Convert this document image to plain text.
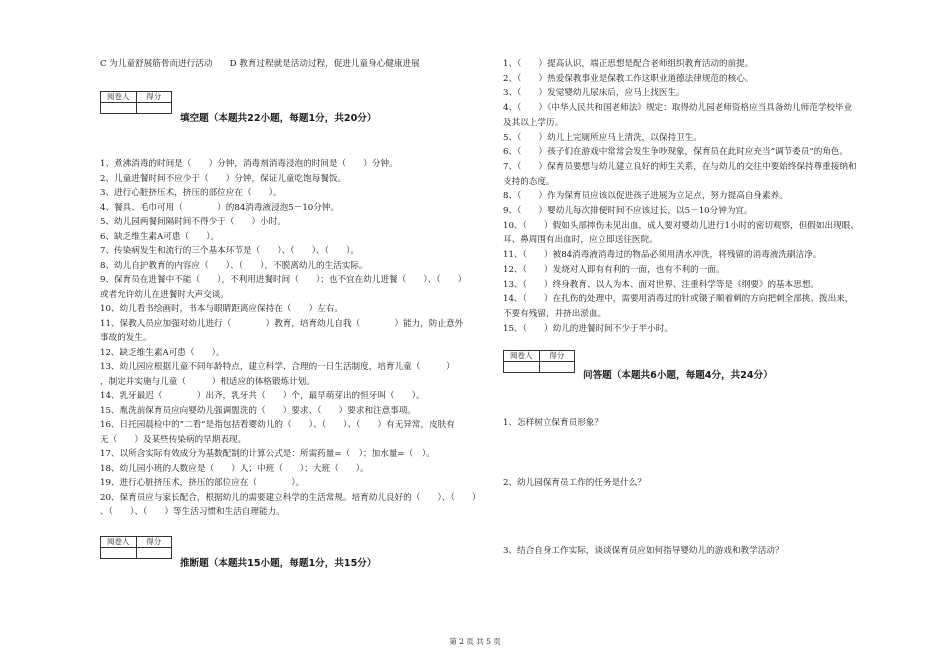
C 为儿童舒展筋骨而进行活动　　D 教育过程就是活动过程，促进儿童身心健康进展
阅卷人	得分

填空题（本题共22小题，每题1分，共20分）
1、煮沸消毒的时间是（　　）分钟，消毒剂消毒浸泡的时间是（　　）分钟。
2、儿童进餐时间不应少于（　　）分钟，保证儿童吃饱每餐饭。
3、进行心脏挤压术，挤压的部位应在（　　）。
4、餐具、毛巾可用（　　　　）的84消毒液浸泡5－10分钟。
5、幼儿园两餐间隔时间不得少于（　　）小时。
6、缺乏维生素A可患（　　）。
7、传染病发生和流行的三个基本环节是（　　）、（　　）、（　　）。
8、幼儿自护教育的内容应（　　）、（　　），不脱离幼儿的生活实际。
9、保育员在进餐中不能（　　），不利用进餐时间（　　）；也不宜在幼儿进餐（　　）、（　　）
或者允许幼儿在进餐时大声交谈。
10、幼儿看书绘画时，书本与眼睛距离应保持在（　　）左右。
11、保教人员应加强对幼儿进行（　　　　）教育，培育幼儿自我（　　　　）能力，防止意外
事故的发生。
12、缺乏维生素A可患（　　）。
13、幼儿园应根据儿童不同年龄特点，建立科学、合理的一日生活制度，培育儿童（　　　）
，制定并实施与儿童（　　　）相适应的体格锻炼计划。
14、乳牙最迟（　　　　）出齐，乳牙共（　　）个，最早萌芽出的恒牙叫（　　）。
15、胤洗前保育员应向婴幼儿强调盥洗的（　　）要求、（　　）要求和注意事项。
16、日托园晨检中的“二看”是指包括看婴幼儿的（　　）、（　　）、（　　）有无异常，皮肤有
无（　　）及某些传染病的早期表现。
17、以所含实际有效成分为基数配制的计算公式是：所需药量=（　）；加水量=（　）。
18、幼儿园小班的人数应是（　　）人；中班（　　）；大班（　　）。
19、进行心脏挤压术，挤压的部位应在（　　　　）。
20、保育员应与家长配合，根据幼儿的需要建立科学的生活常规。培育幼儿良好的（　　）、（　　）
、（　　）、（　　）等生活习惯和生活自理能力。
阅卷人	得分

推断题（本题共15小题，每题1分，共15分）
1、（　　）提高认识，端正思想是配合老师组织教育活动的前提。
2、（　　）热爱保教事业是保教工作这职业道德法律规范的核心。
3、（　　）发觉婴幼儿尿床后，应马上找医生。
4、（　　）《中华人民共和国老师法》规定：取得幼儿园老师资格应当具备幼儿师范学校毕业
及其以上学历。
5、（　　）幼儿上完厕所应马上清洗，以保持卫生。
6、（　　）孩子们在游戏中常常会发生争吵现象，保育员在此时应充当“调节委员”的角色。
7、（　　）保育员要想与幼儿建立良好的师生关系，在与幼儿的交往中要始终保持尊重接纳和
支持的态度。
8、（　　）作为保育员应该以促进孩子进展为立足点，努力提高自身素养。
9、（　　）婴幼儿每次排便时间不应该过长，以5－10分钟为宜。
10、（　　）假如头部摔伤未见出血，成人要对婴幼儿进行1小时的密切观察，但假如出现眼、
耳、鼻周围有出血时，应立即送往医院。
11、（　　）被84消毒液消毒过的物品必须用清水冲洗，将残留的消毒液洗刷洁净。
12、（　　）发烧对人即有有利的一面，也有不利的一面。
13、（　　）终身教育、以人为本、面对世界、注重科学等是《纲要》的基本思想。
14、（　　）在扎伤的处理中，需要用消毒过的针或镊子顺着刺的方向把刺全部挑、拨出来，
不要有残留，并挤出淤血。
15、（　　）幼儿的进餐时间不少于半小时。
阅卷人	得分

问答题（本题共6小题，每题4分，共24分）
1、怎样树立保育员形象？
2、幼儿园保育员工作的任务是什么？
3、结合自身工作实际，谈谈保育员应如何指导婴幼儿的游戏和教学活动？
第 2 页 共 5 页
